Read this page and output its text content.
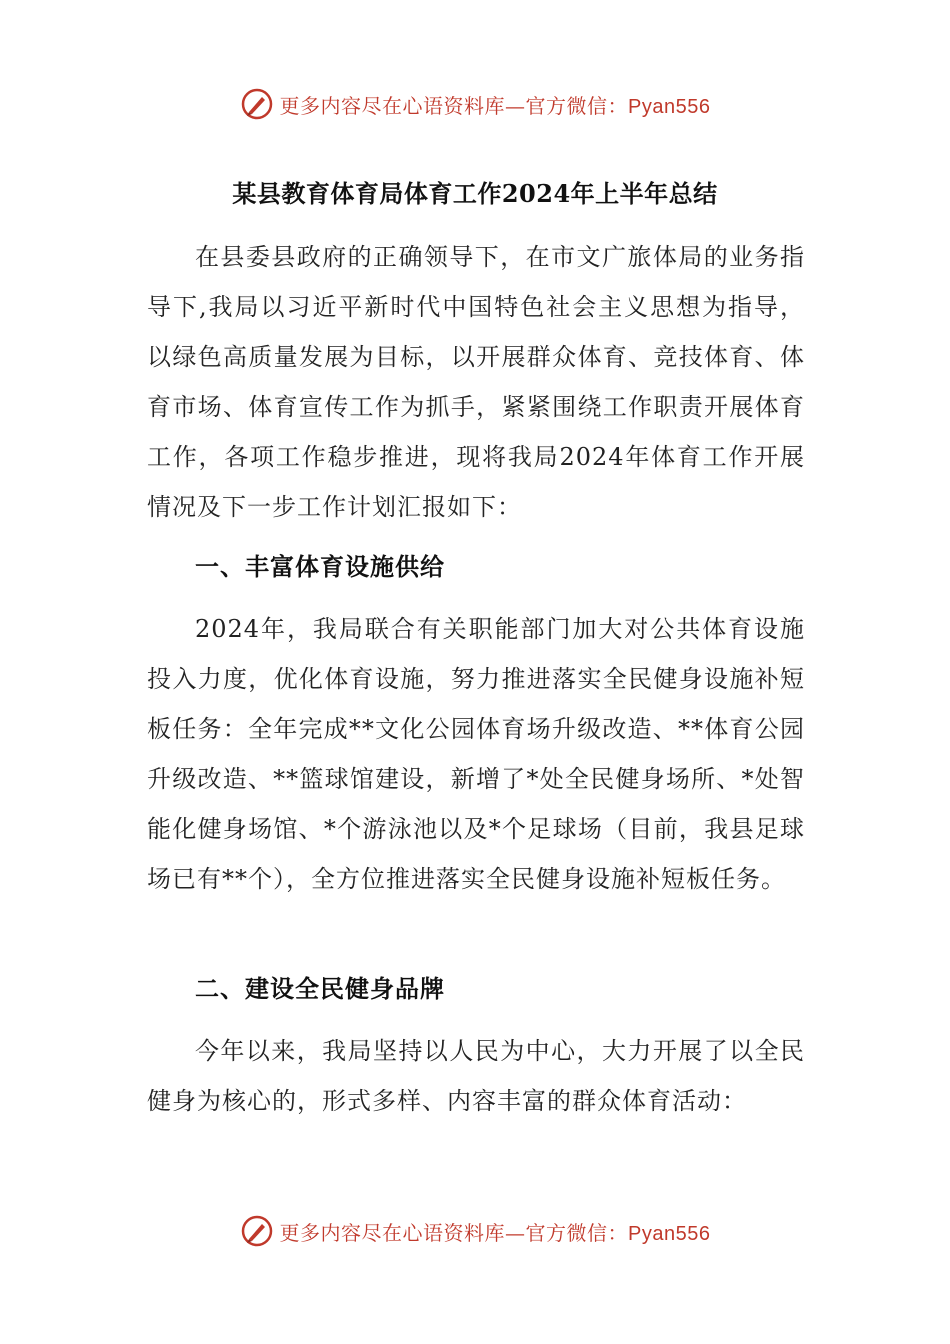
更多内容尽在心语资料库—官方微信：Pyan556
某县教育体育局体育工作2024年上半年总结

在县委县政府的正确领导下，在市文广旅体局的业务指导下,我局以习近平新时代中国特色社会主义思想为指导，以绿色高质量发展为目标，以开展群众体育、竞技体育、体育市场、体育宣传工作为抓手，紧紧围绕工作职责开展体育工作，各项工作稳步推进，现将我局2024年体育工作开展情况及下一步工作计划汇报如下：

一、丰富体育设施供给

2024年，我局联合有关职能部门加大对公共体育设施投入力度，优化体育设施，努力推进落实全民健身设施补短板任务：全年完成**文化公园体育场升级改造、**体育公园升级改造、**篮球馆建设，新增了*处全民健身场所、*处智能化健身场馆、*个游泳池以及*个足球场（目前，我县足球场已有**个），全方位推进落实全民健身设施补短板任务。

二、建设全民健身品牌

今年以来，我局坚持以人民为中心，大力开展了以全民健身为核心的，形式多样、内容丰富的群众体育活动：

更多内容尽在心语资料库—官方微信：Pyan556
